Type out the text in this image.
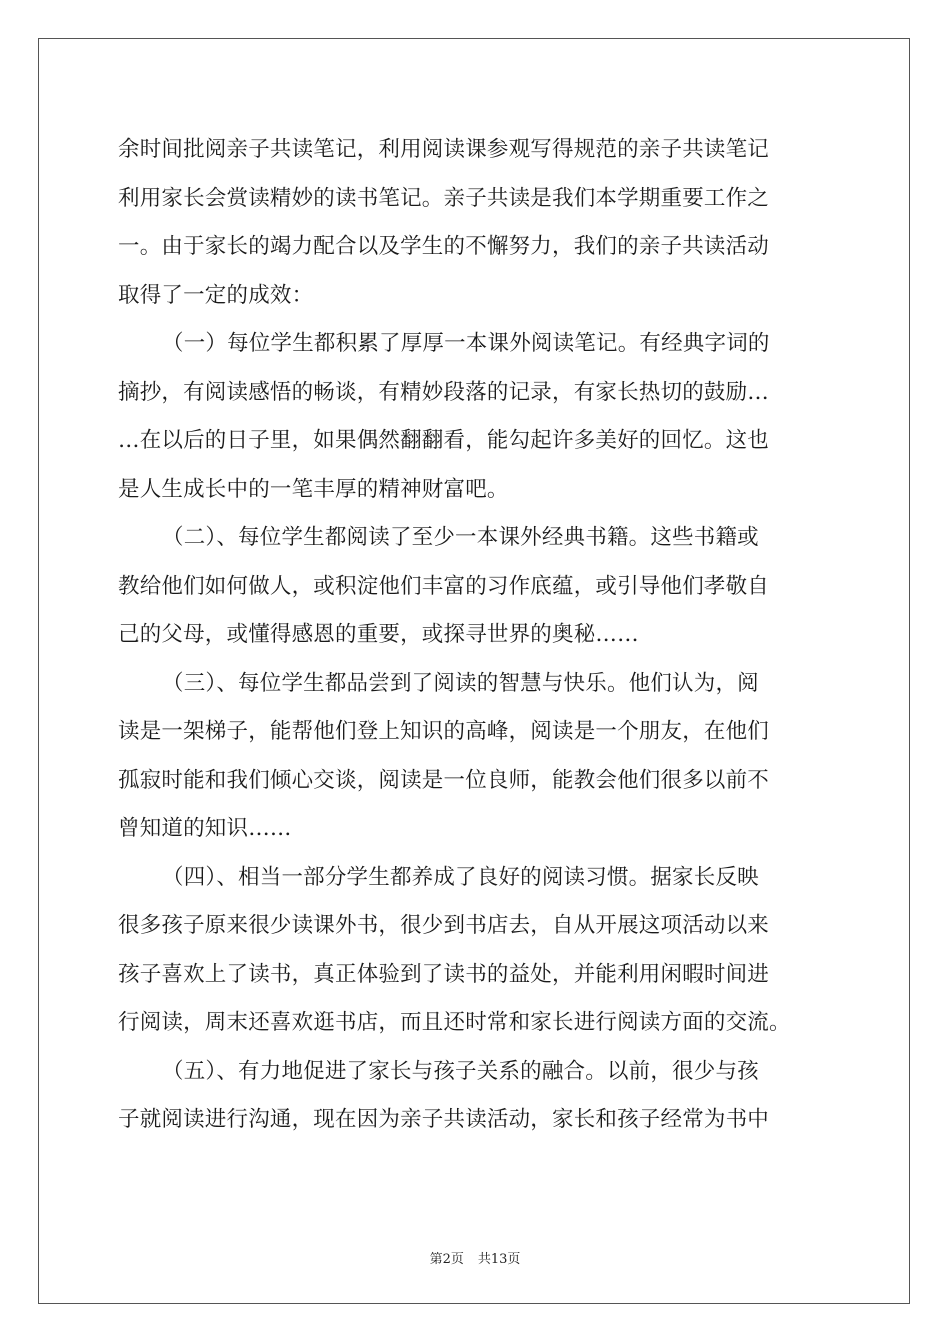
余时间批阅亲子共读笔记，利用阅读课参观写得规范的亲子共读笔记
利用家长会赏读精妙的读书笔记。亲子共读是我们本学期重要工作之
一。由于家长的竭力配合以及学生的不懈努力，我们的亲子共读活动
取得了一定的成效：
（一）每位学生都积累了厚厚一本课外阅读笔记。有经典字词的
摘抄，有阅读感悟的畅谈，有精妙段落的记录，有家长热切的鼓励…
…在以后的日子里，如果偶然翻翻看，能勾起许多美好的回忆。这也
是人生成长中的一笔丰厚的精神财富吧。
（二）、每位学生都阅读了至少一本课外经典书籍。这些书籍或
教给他们如何做人，或积淀他们丰富的习作底蕴，或引导他们孝敬自
己的父母，或懂得感恩的重要，或探寻世界的奥秘……
（三）、每位学生都品尝到了阅读的智慧与快乐。他们认为，阅
读是一架梯子，能帮他们登上知识的高峰，阅读是一个朋友，在他们
孤寂时能和我们倾心交谈，阅读是一位良师，能教会他们很多以前不
曾知道的知识……
（四）、相当一部分学生都养成了良好的阅读习惯。据家长反映
很多孩子原来很少读课外书，很少到书店去，自从开展这项活动以来
孩子喜欢上了读书，真正体验到了读书的益处，并能利用闲暇时间进
行阅读，周末还喜欢逛书店，而且还时常和家长进行阅读方面的交流。
（五）、有力地促进了家长与孩子关系的融合。以前，很少与孩
子就阅读进行沟通，现在因为亲子共读活动，家长和孩子经常为书中
第2页 共13页
